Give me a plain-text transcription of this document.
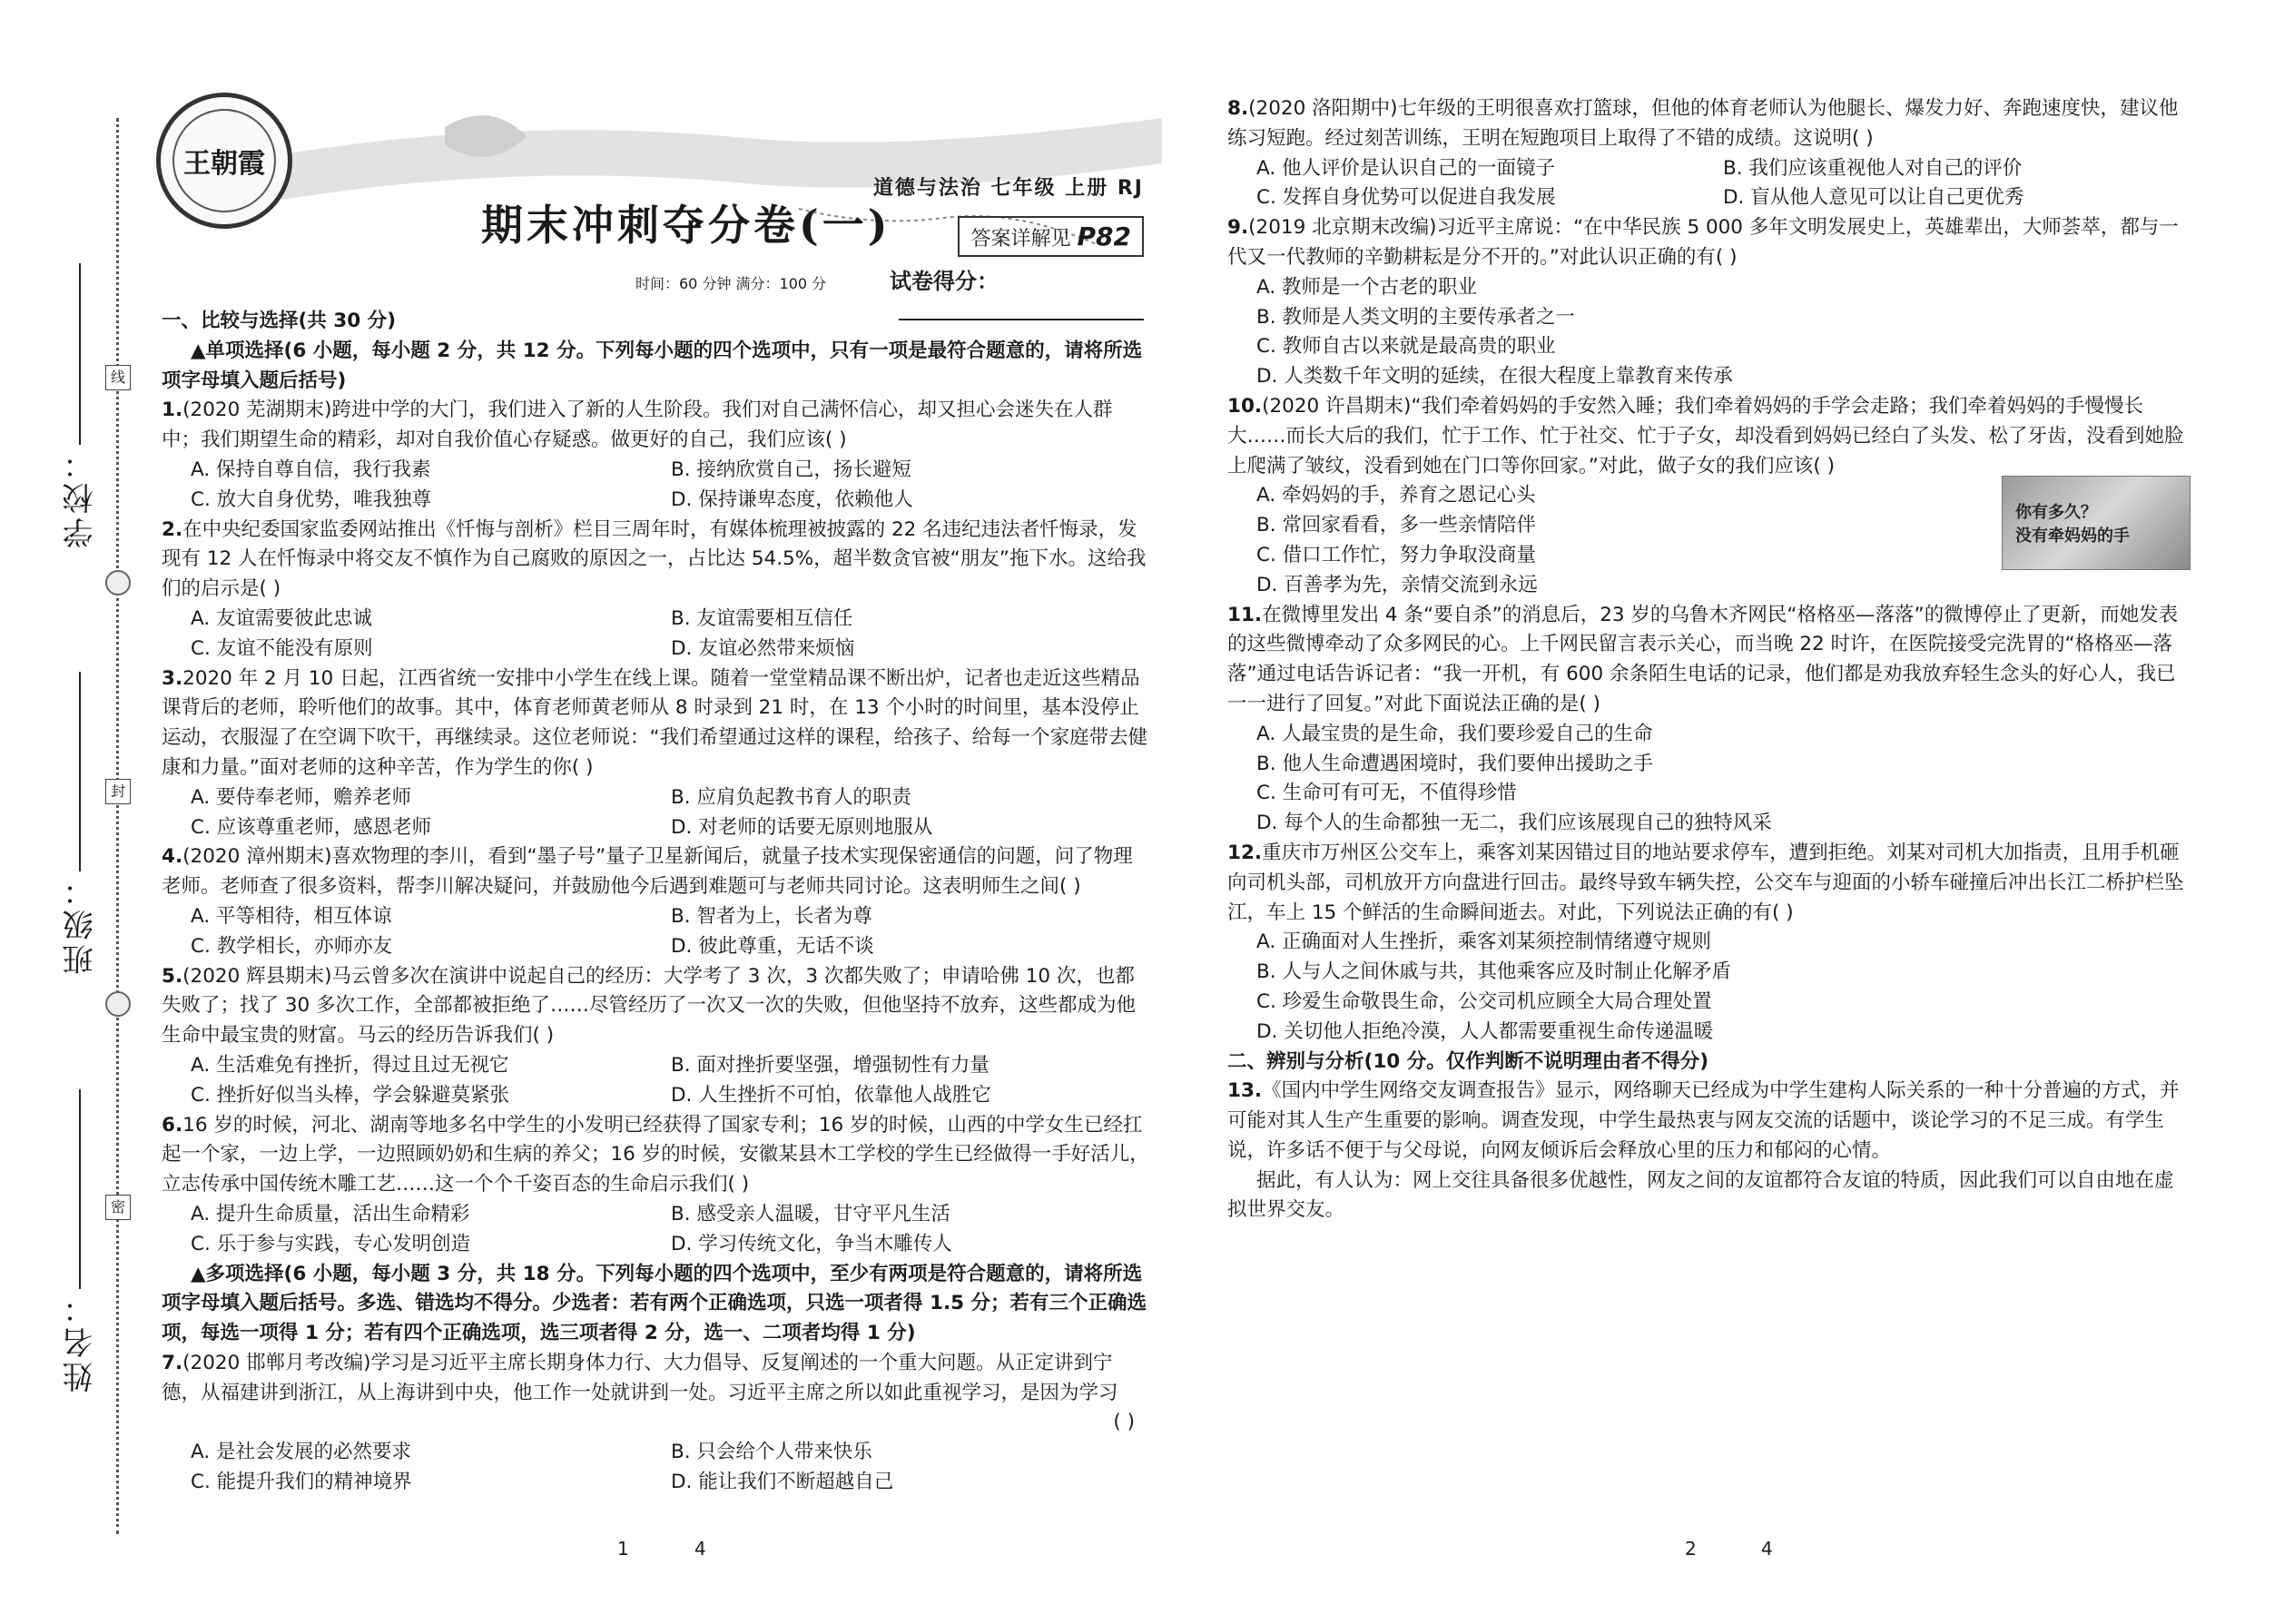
学校：
班级：
姓名：
线
封
密
王朝霞
道德与法治 七年级 上册 RJ
期末冲刺夺分卷(一)	答案详解见 P82
时间：60 分钟 满分：100 分	试卷得分：
一、比较与选择(共 30 分)
▲单项选择(6 小题，每小题 2 分，共 12 分。下列每小题的四个选项中，只有一项是最符合题意的，请将所选项字母填入题后括号)
1.(2020 芜湖期末)跨进中学的大门，我们进入了新的人生阶段。我们对自己满怀信心，却又担心会迷失在人群中；我们期望生命的精彩，却对自我价值心存疑惑。做更好的自己，我们应该( )
A. 保持自尊自信，我行我素	B. 接纳欣赏自己，扬长避短
C. 放大自身优势，唯我独尊	D. 保持谦卑态度，依赖他人
2.在中央纪委国家监委网站推出《忏悔与剖析》栏目三周年时，有媒体梳理被披露的 22 名违纪违法者忏悔录，发现有 12 人在忏悔录中将交友不慎作为自己腐败的原因之一，占比达 54.5%，超半数贪官被“朋友”拖下水。这给我们的启示是( )
A. 友谊需要彼此忠诚	B. 友谊需要相互信任
C. 友谊不能没有原则	D. 友谊必然带来烦恼
3.2020 年 2 月 10 日起，江西省统一安排中小学生在线上课。随着一堂堂精品课不断出炉，记者也走近这些精品课背后的老师，聆听他们的故事。其中，体育老师黄老师从 8 时录到 21 时，在 13 个小时的时间里，基本没停止运动，衣服湿了在空调下吹干，再继续录。这位老师说：“我们希望通过这样的课程，给孩子、给每一个家庭带去健康和力量。”面对老师的这种辛苦，作为学生的你( )
A. 要侍奉老师，赡养老师	B. 应肩负起教书育人的职责
C. 应该尊重老师，感恩老师	D. 对老师的话要无原则地服从
4.(2020 漳州期末)喜欢物理的李川，看到“墨子号”量子卫星新闻后，就量子技术实现保密通信的问题，问了物理老师。老师查了很多资料，帮李川解决疑问，并鼓励他今后遇到难题可与老师共同讨论。这表明师生之间( )
A. 平等相待，相互体谅	B. 智者为上，长者为尊
C. 教学相长，亦师亦友	D. 彼此尊重，无话不谈
5.(2020 辉县期末)马云曾多次在演讲中说起自己的经历：大学考了 3 次，3 次都失败了；申请哈佛 10 次，也都失败了；找了 30 多次工作，全部都被拒绝了……尽管经历了一次又一次的失败，但他坚持不放弃，这些都成为他生命中最宝贵的财富。马云的经历告诉我们( )
A. 生活难免有挫折，得过且过无视它	B. 面对挫折要坚强，增强韧性有力量
C. 挫折好似当头棒，学会躲避莫紧张	D. 人生挫折不可怕，依靠他人战胜它
6.16 岁的时候，河北、湖南等地多名中学生的小发明已经获得了国家专利；16 岁的时候，山西的中学女生已经扛起一个家，一边上学，一边照顾奶奶和生病的养父；16 岁的时候，安徽某县木工学校的学生已经做得一手好活儿，立志传承中国传统木雕工艺……这一个个千姿百态的生命启示我们( )
A. 提升生命质量，活出生命精彩	B. 感受亲人温暖，甘守平凡生活
C. 乐于参与实践，专心发明创造	D. 学习传统文化，争当木雕传人
▲多项选择(6 小题，每小题 3 分，共 18 分。下列每小题的四个选项中，至少有两项是符合题意的，请将所选项字母填入题后括号。多选、错选均不得分。少选者：若有两个正确选项，只选一项者得 1.5 分；若有三个正确选项，每选一项得 1 分；若有四个正确选项，选三项者得 2 分，选一、二项者均得 1 分)
7.(2020 邯郸月考改编)学习是习近平主席长期身体力行、大力倡导、反复阐述的一个重大问题。从正定讲到宁德，从福建讲到浙江，从上海讲到中央，他工作一处就讲到一处。习近平主席之所以如此重视学习，是因为学习
( )
A. 是社会发展的必然要求	B. 只会给个人带来快乐
C. 能提升我们的精神境界	D. 能让我们不断超越自己
8.(2020 洛阳期中)七年级的王明很喜欢打篮球，但他的体育老师认为他腿长、爆发力好、奔跑速度快，建议他练习短跑。经过刻苦训练，王明在短跑项目上取得了不错的成绩。这说明( )
A. 他人评价是认识自己的一面镜子	B. 我们应该重视他人对自己的评价
C. 发挥自身优势可以促进自我发展	D. 盲从他人意见可以让自己更优秀
9.(2019 北京期末改编)习近平主席说：“在中华民族 5 000 多年文明发展史上，英雄辈出，大师荟萃，都与一代又一代教师的辛勤耕耘是分不开的。”对此认识正确的有( )
A. 教师是一个古老的职业
B. 教师是人类文明的主要传承者之一
C. 教师自古以来就是最高贵的职业
D. 人类数千年文明的延续，在很大程度上靠教育来传承
10.(2020 许昌期末)“我们牵着妈妈的手安然入睡；我们牵着妈妈的手学会走路；我们牵着妈妈的手慢慢长大……而长大后的我们，忙于工作、忙于社交、忙于子女，却没看到妈妈已经白了头发、松了牙齿，没看到她脸上爬满了皱纹，没看到她在门口等你回家。”对此，做子女的我们应该( )
A. 牵妈妈的手，养育之恩记心头
B. 常回家看看，多一些亲情陪伴
C. 借口工作忙，努力争取没商量
D. 百善孝为先，亲情交流到永远
11.在微博里发出 4 条“要自杀”的消息后，23 岁的乌鲁木齐网民“格格巫—落落”的微博停止了更新，而她发表的这些微博牵动了众多网民的心。上千网民留言表示关心，而当晚 22 时许，在医院接受完洗胃的“格格巫—落落”通过电话告诉记者：“我一开机，有 600 余条陌生电话的记录，他们都是劝我放弃轻生念头的好心人，我已一一进行了回复。”对此下面说法正确的是( )
A. 人最宝贵的是生命，我们要珍爱自己的生命
B. 他人生命遭遇困境时，我们要伸出援助之手
C. 生命可有可无，不值得珍惜
D. 每个人的生命都独一无二，我们应该展现自己的独特风采
12.重庆市万州区公交车上，乘客刘某因错过目的地站要求停车，遭到拒绝。刘某对司机大加指责，且用手机砸向司机头部，司机放开方向盘进行回击。最终导致车辆失控，公交车与迎面的小轿车碰撞后冲出长江二桥护栏坠江，车上 15 个鲜活的生命瞬间逝去。对此，下列说法正确的有( )
A. 正确面对人生挫折，乘客刘某须控制情绪遵守规则
B. 人与人之间休戚与共，其他乘客应及时制止化解矛盾
C. 珍爱生命敬畏生命，公交司机应顾全大局合理处置
D. 关切他人拒绝冷漠，人人都需要重视生命传递温暖
二、辨别与分析(10 分。仅作判断不说明理由者不得分)
13.《国内中学生网络交友调查报告》显示，网络聊天已经成为中学生建构人际关系的一种十分普遍的方式，并可能对其人生产生重要的影响。调查发现，中学生最热衷与网友交流的话题中，谈论学习的不足三成。有学生说，许多话不便于与父母说，向网友倾诉后会释放心里的压力和郁闷的心情。
据此，有人认为：网上交往具备很多优越性，网友之间的友谊都符合友谊的特质，因此我们可以自由地在虚拟世界交友。
你有多久？
没有牵妈妈的手
1	4	2	4
